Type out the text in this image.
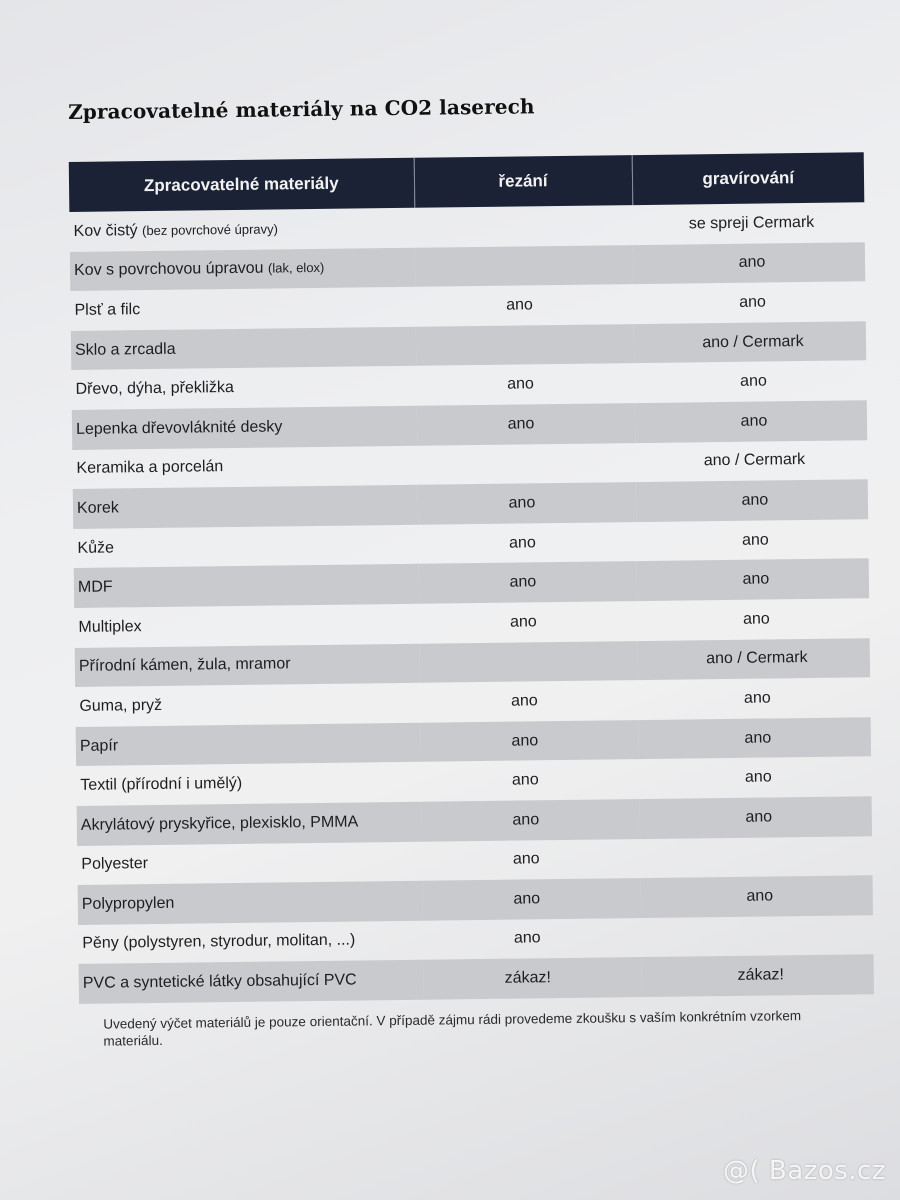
Zpracovatelné materiály na CO2 laserech
Zpracovatelné materiály	řezání	gravírování
Kov čistý (bez povrchové úpravy)		se spreji Cermark
Kov s povrchovou úpravou (lak, elox)		ano
Plsť a filc	ano	ano
Sklo a zrcadla		ano / Cermark
Dřevo, dýha, překližka	ano	ano
Lepenka dřevovláknité desky	ano	ano
Keramika a porcelán		ano / Cermark
Korek	ano	ano
Kůže	ano	ano
MDF	ano	ano
Multiplex	ano	ano
Přírodní kámen, žula, mramor		ano / Cermark
Guma, pryž	ano	ano
Papír	ano	ano
Textil (přírodní i umělý)	ano	ano
Akrylátový pryskyřice, plexisklo, PMMA	ano	ano
Polyester	ano	
Polypropylen	ano	ano
Pěny (polystyren, styrodur, molitan, ...)	ano	
PVC a syntetické látky obsahující PVC	zákaz!	zákaz!

Uvedený výčet materiálů je pouze orientační. V případě zájmu rádi provedeme zkoušku s vaším konkrétním vzorkem materiálu.

@( Bazos.cz
